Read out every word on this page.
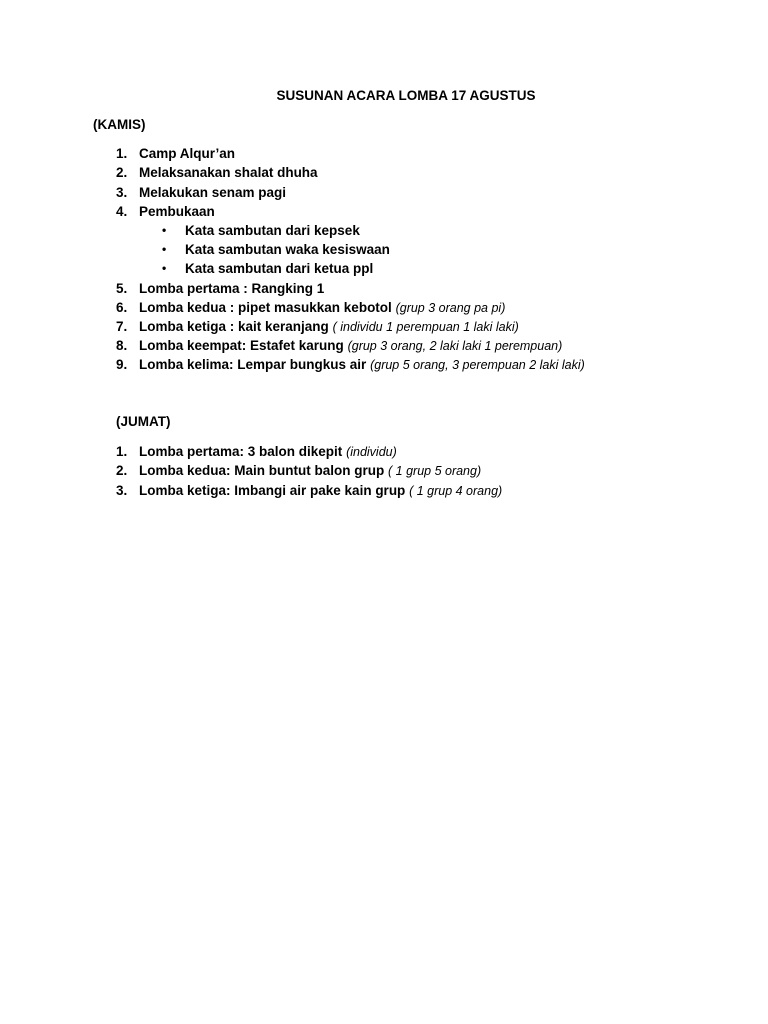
SUSUNAN ACARA LOMBA 17 AGUSTUS
(KAMIS)
1. Camp Alqur’an
2. Melaksanakan shalat dhuha
3. Melakukan senam pagi
4. Pembukaan
• Kata sambutan dari kepsek
• Kata sambutan waka kesiswaan
• Kata sambutan dari ketua ppl
5. Lomba pertama : Rangking 1
6. Lomba kedua : pipet masukkan kebotol (grup 3 orang pa pi)
7. Lomba ketiga : kait keranjang ( individu 1 perempuan 1 laki laki)
8. Lomba keempat: Estafet karung (grup 3 orang, 2 laki laki 1 perempuan)
9. Lomba kelima: Lempar bungkus air (grup 5 orang, 3 perempuan 2 laki laki)
(JUMAT)
1. Lomba pertama: 3 balon dikepit (individu)
2. Lomba kedua: Main buntut balon grup ( 1 grup 5 orang)
3. Lomba ketiga: Imbangi air pake kain grup ( 1 grup 4 orang)
